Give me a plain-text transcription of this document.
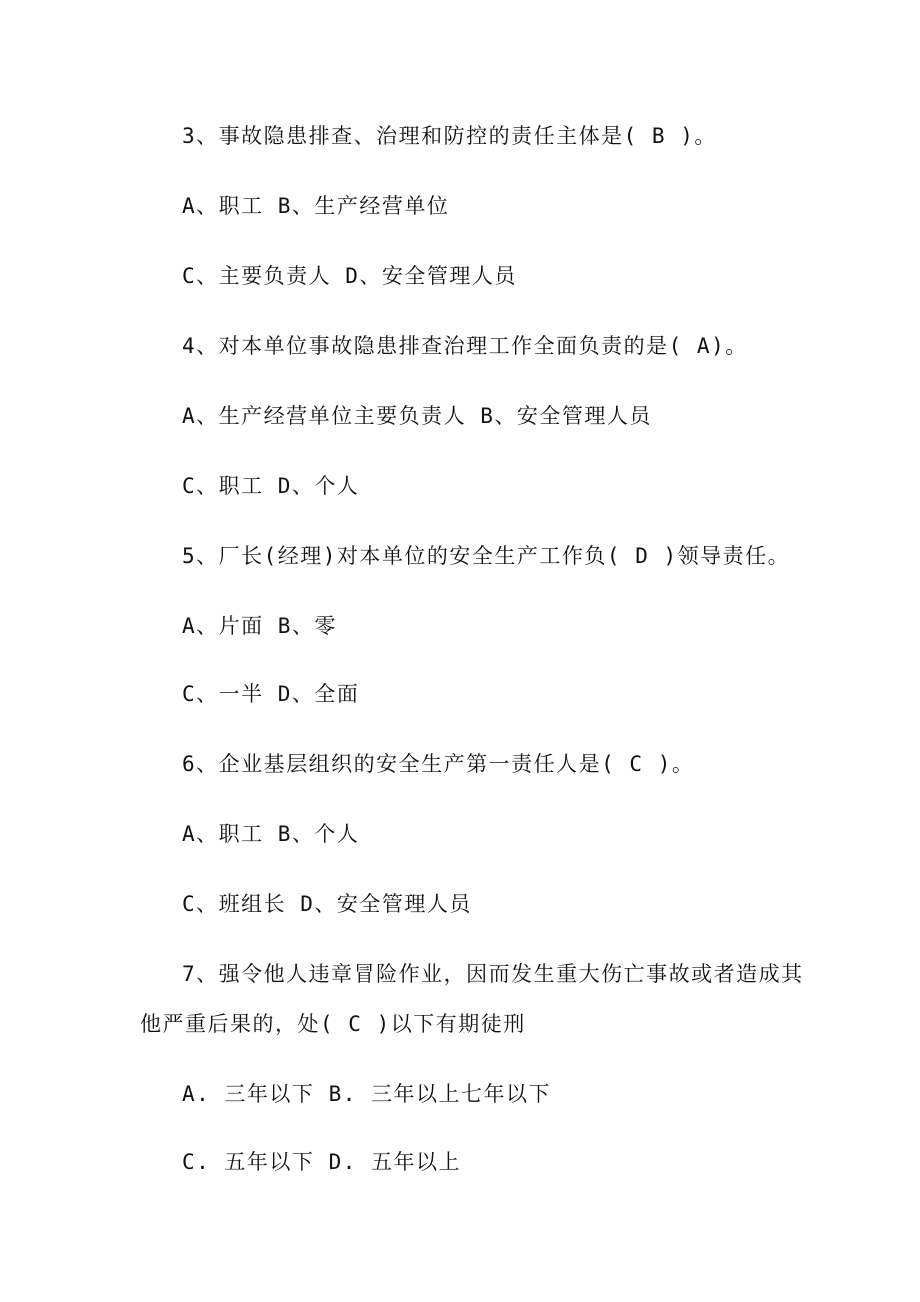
3、事故隐患排查、治理和防控的责任主体是( B )。
A、职工 B、生产经营单位
C、主要负责人 D、安全管理人员
4、对本单位事故隐患排查治理工作全面负责的是( A)。
A、生产经营单位主要负责人 B、安全管理人员
C、职工 D、个人
5、厂长(经理)对本单位的安全生产工作负( D )领导责任。
A、片面 B、零
C、一半 D、全面
6、企业基层组织的安全生产第一责任人是( C )。
A、职工 B、个人
C、班组长 D、安全管理人员
7、强令他人违章冒险作业，因而发生重大伤亡事故或者造成其
他严重后果的，处( C )以下有期徒刑
A. 三年以下 B. 三年以上七年以下
C. 五年以下 D. 五年以上
